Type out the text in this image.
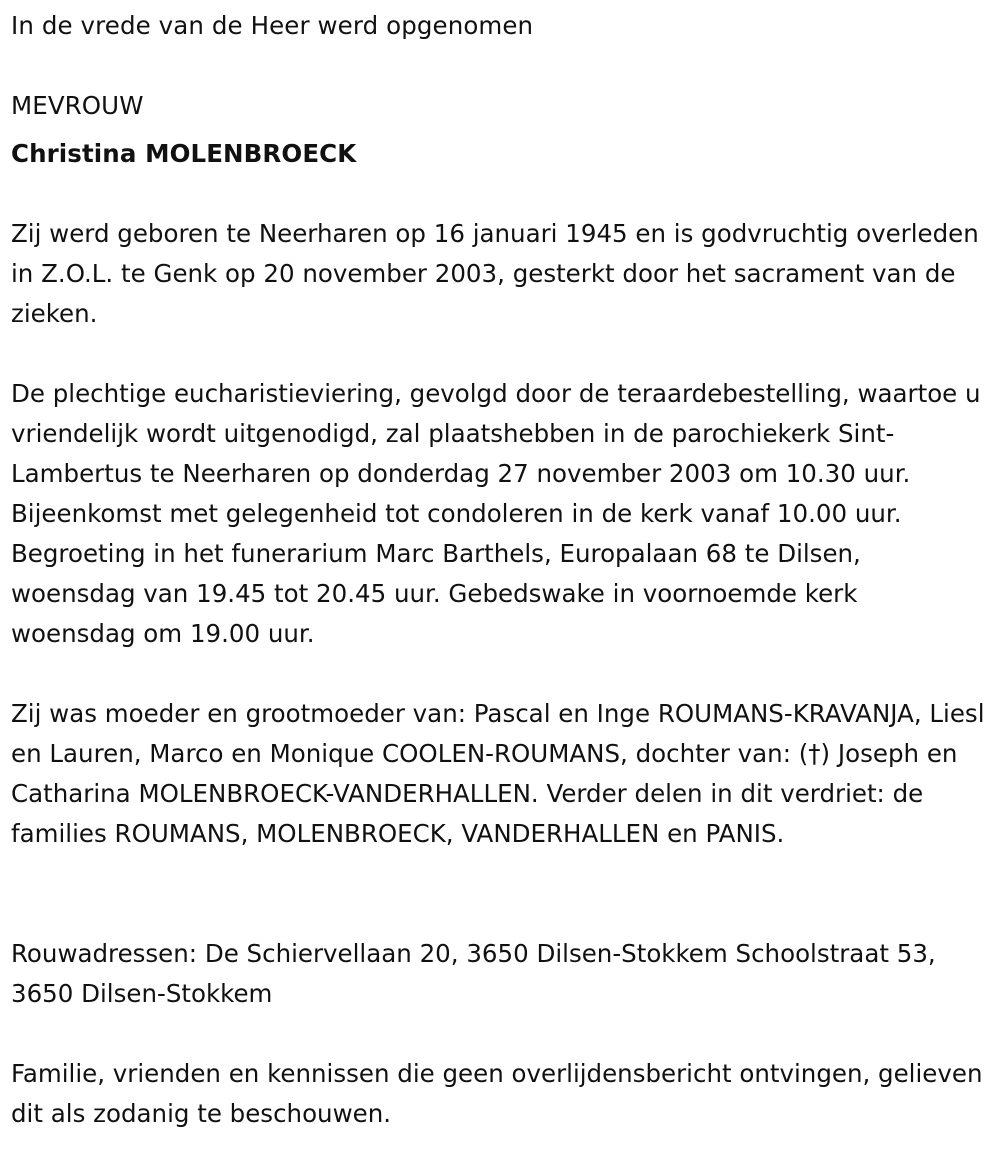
In de vrede van de Heer werd opgenomen
MEVROUW
Christina MOLENBROECK

Zij werd geboren te Neerharen op 16 januari 1945 en is godvruchtig overleden in Z.O.L. te Genk op 20 november 2003, gesterkt door het sacrament van de zieken.

De plechtige eucharistieviering, gevolgd door de teraardebestelling, waartoe u vriendelijk wordt uitgenodigd, zal plaatshebben in de parochiekerk Sint-Lambertus te Neerharen op donderdag 27 november 2003 om 10.30 uur. Bijeenkomst met gelegenheid tot condoleren in de kerk vanaf 10.00 uur. Begroeting in het funerarium Marc Barthels, Europalaan 68 te Dilsen, woensdag van 19.45 tot 20.45 uur. Gebedswake in voornoemde kerk woensdag om 19.00 uur.

Zij was moeder en grootmoeder van: Pascal en Inge ROUMANS-KRAVANJA, Liesl en Lauren, Marco en Monique COOLEN-ROUMANS, dochter van: (†) Joseph en Catharina MOLENBROECK-VANDERHALLEN. Verder delen in dit verdriet: de families ROUMANS, MOLENBROECK, VANDERHALLEN en PANIS.

Rouwadressen: De Schiervellaan 20, 3650 Dilsen-Stokkem Schoolstraat 53, 3650 Dilsen-Stokkem

Familie, vrienden en kennissen die geen overlijdensbericht ontvingen, gelieven dit als zodanig te beschouwen.
